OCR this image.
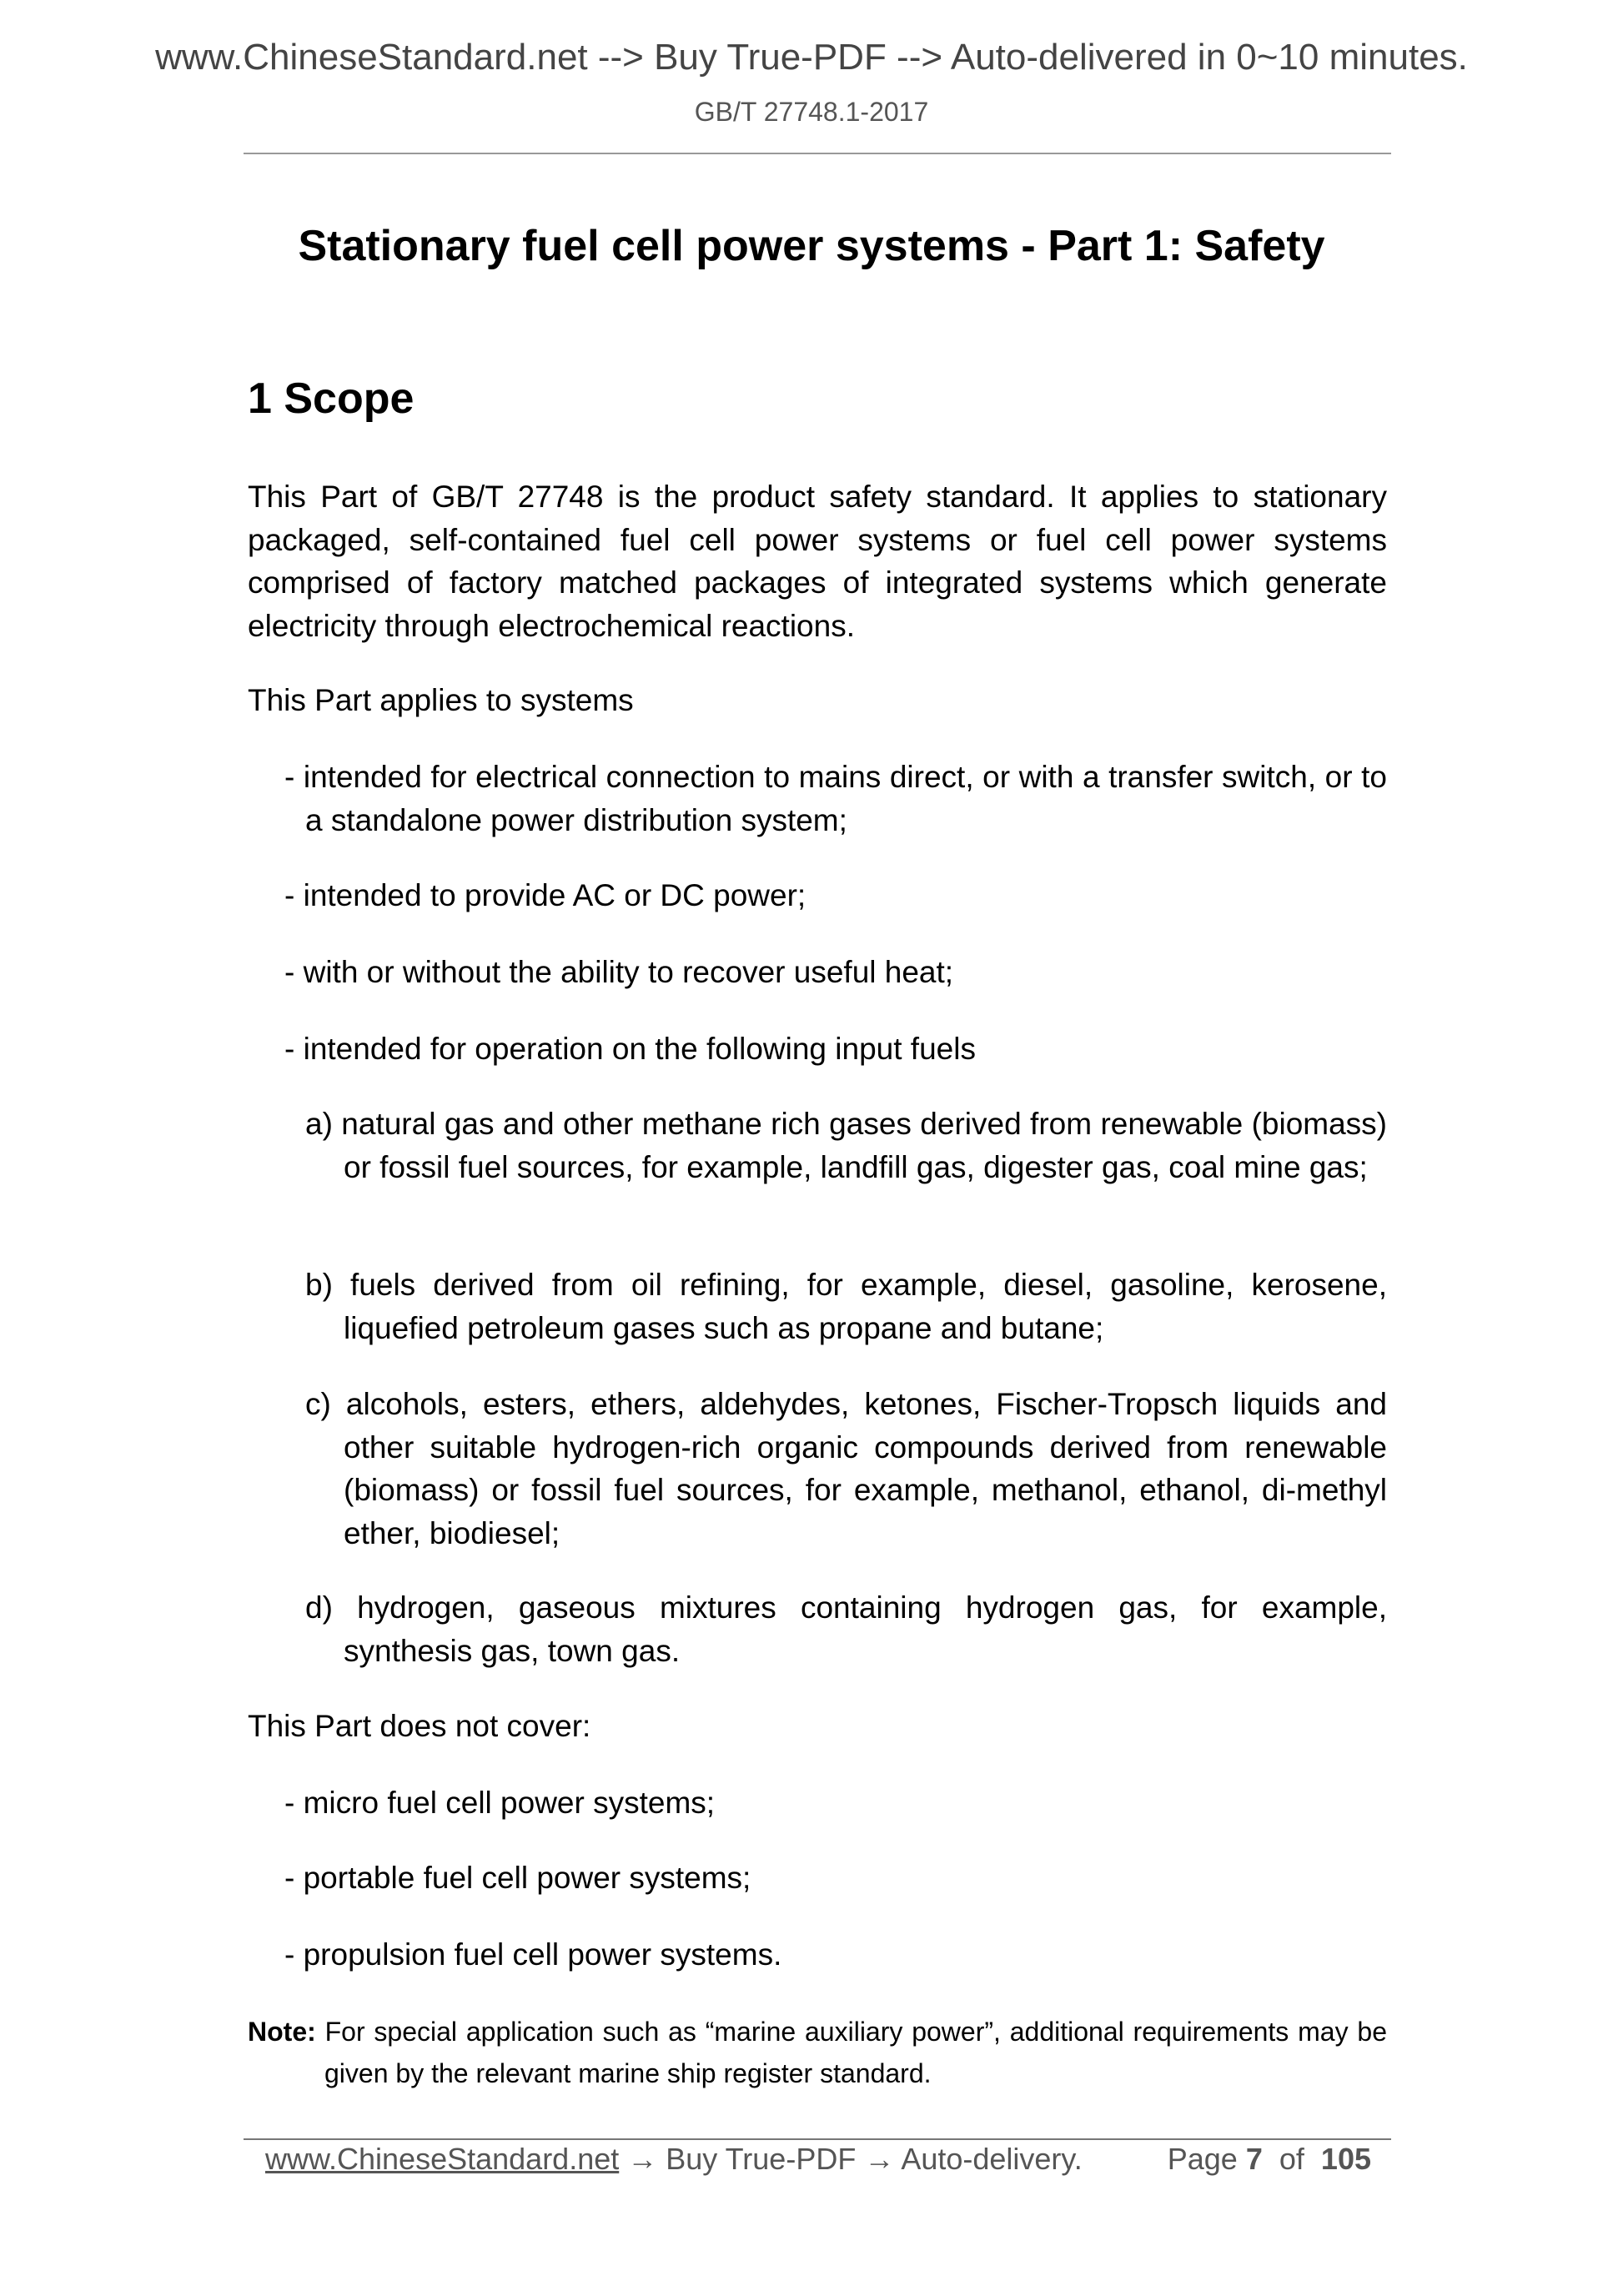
www.ChineseStandard.net --> Buy True-PDF --> Auto-delivered in 0~10 minutes.
GB/T 27748.1-2017
Stationary fuel cell power systems - Part 1: Safety
1 Scope
This Part of GB/T 27748 is the product safety standard. It applies to stationary packaged, self-contained fuel cell power systems or fuel cell power systems comprised of factory matched packages of integrated systems which generate electricity through electrochemical reactions.
This Part applies to systems
- intended for electrical connection to mains direct, or with a transfer switch, or to a standalone power distribution system;
- intended to provide AC or DC power;
- with or without the ability to recover useful heat;
- intended for operation on the following input fuels
a) natural gas and other methane rich gases derived from renewable (biomass) or fossil fuel sources, for example, landfill gas, digester gas, coal mine gas;
b) fuels derived from oil refining, for example, diesel, gasoline, kerosene, liquefied petroleum gases such as propane and butane;
c) alcohols, esters, ethers, aldehydes, ketones, Fischer-Tropsch liquids and other suitable hydrogen-rich organic compounds derived from renewable (biomass) or fossil fuel sources, for example, methanol, ethanol, di-methyl ether, biodiesel;
d) hydrogen, gaseous mixtures containing hydrogen gas, for example, synthesis gas, town gas.
This Part does not cover:
- micro fuel cell power systems;
- portable fuel cell power systems;
- propulsion fuel cell power systems.
Note: For special application such as “marine auxiliary power”, additional requirements may be given by the relevant marine ship register standard.
www.ChineseStandard.net → Buy True-PDF → Auto-delivery.	Page 7 of 105
